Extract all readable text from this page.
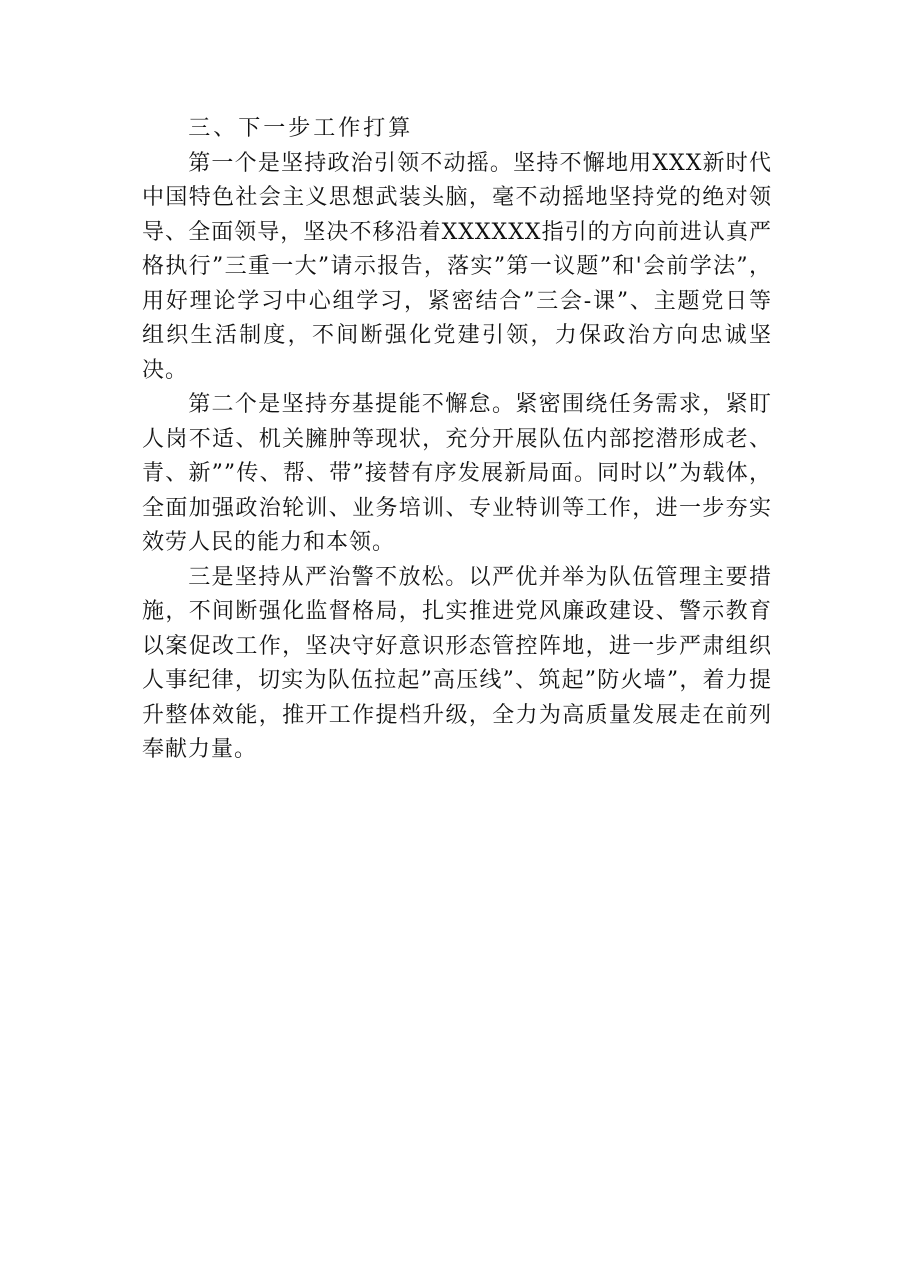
三、下一步工作打算

第一个是坚持政治引领不动摇。坚持不懈地用XXX新时代中国特色社会主义思想武装头脑，毫不动摇地坚持党的绝对领导、全面领导，坚决不移沿着XXXXXX指引的方向前进认真严格执行”三重一大”请示报告，落实”第一议题”和'会前学法”，用好理论学习中心组学习，紧密结合”三会-课”、主题党日等组织生活制度，不间断强化党建引领，力保政治方向忠诚坚决。

第二个是坚持夯基提能不懈怠。紧密围绕任务需求，紧盯人岗不适、机关臃肿等现状，充分开展队伍内部挖潜形成老、青、新””传、帮、带”接替有序发展新局面。同时以”为载体，全面加强政治轮训、业务培训、专业特训等工作，进一步夯实效劳人民的能力和本领。

三是坚持从严治警不放松。以严优并举为队伍管理主要措施，不间断强化监督格局，扎实推进党风廉政建设、警示教育以案促改工作，坚决守好意识形态管控阵地，进一步严肃组织人事纪律，切实为队伍拉起”高压线”、筑起”防火墙”，着力提升整体效能，推开工作提档升级，全力为高质量发展走在前列奉献力量。
